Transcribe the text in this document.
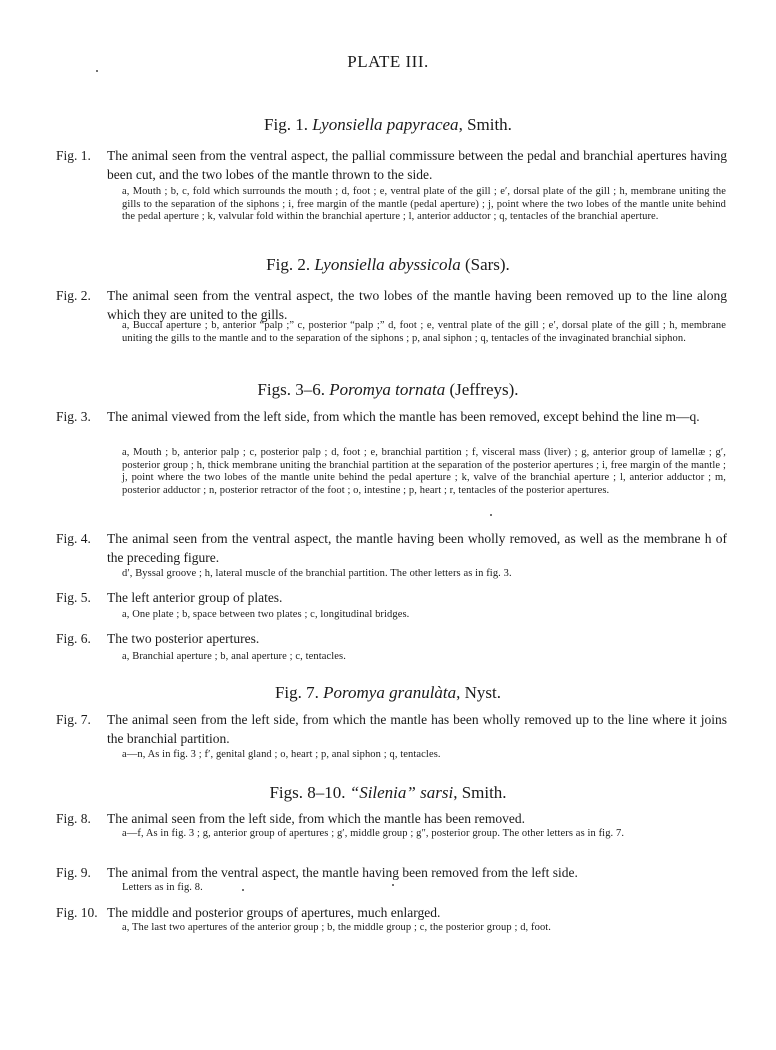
PLATE III.
Fig. 1. Lyonsiella papyracea, Smith.
Fig. 1. The animal seen from the ventral aspect, the pallial commissure between the pedal and branchial apertures having been cut, and the two lobes of the mantle thrown to the side.
a, Mouth ; b, c, fold which surrounds the mouth ; d, foot ; e, ventral plate of the gill ; e′, dorsal plate of the gill ; h, membrane uniting the gills to the separation of the siphons ; i, free margin of the mantle (pedal aperture) ; j, point where the two lobes of the mantle unite behind the pedal aperture ; k, valvular fold within the branchial aperture ; l, anterior adductor ; q, tentacles of the branchial aperture.
Fig. 2. Lyonsiella abyssicola (Sars).
Fig. 2. The animal seen from the ventral aspect, the two lobes of the mantle having been removed up to the line along which they are united to the gills.
a, Buccal aperture ; b, anterior “palp ;” c, posterior “palp ;” d, foot ; e, ventral plate of the gill ; e′, dorsal plate of the gill ; h, membrane uniting the gills to the mantle and to the separation of the siphons ; p, anal siphon ; q, tentacles of the invaginated branchial siphon.
Figs. 3–6. Poromya tornata (Jeffreys).
Fig. 3. The animal viewed from the left side, from which the mantle has been removed, except behind the line m—q.
a, Mouth ; b, anterior palp ; c, posterior palp ; d, foot ; e, branchial partition ; f, visceral mass (liver) ; g, anterior group of lamellæ ; g′, posterior group ; h, thick membrane uniting the branchial partition at the separation of the posterior apertures ; i, free margin of the mantle ; j, point where the two lobes of the mantle unite behind the pedal aperture ; k, valve of the branchial aperture ; l, anterior adductor ; m, posterior adductor ; n, posterior retractor of the foot ; o, intestine ; p, heart ; r, tentacles of the posterior apertures.
Fig. 4. The animal seen from the ventral aspect, the mantle having been wholly removed, as well as the membrane h of the preceding figure.
d′, Byssal groove ; h, lateral muscle of the branchial partition. The other letters as in fig. 3.
Fig. 5. The left anterior group of plates.
a, One plate ; b, space between two plates ; c, longitudinal bridges.
Fig. 6. The two posterior apertures.
a, Branchial aperture ; b, anal aperture ; c, tentacles.
Fig. 7. Poromya granulàta, Nyst.
Fig. 7. The animal seen from the left side, from which the mantle has been wholly removed up to the line where it joins the branchial partition.
a—n, As in fig. 3 ; f′, genital gland ; o, heart ; p, anal siphon ; q, tentacles.
Figs. 8–10. “Silenia” sarsi, Smith.
Fig. 8. The animal seen from the left side, from which the mantle has been removed.
a—f, As in fig. 3 ; g, anterior group of apertures ; g′, middle group ; g″, posterior group. The other letters as in fig. 7.
Fig. 9. The animal from the ventral aspect, the mantle having been removed from the left side.
Letters as in fig. 8.
Fig. 10. The middle and posterior groups of apertures, much enlarged.
a, The last two apertures of the anterior group ; b, the middle group ; c, the posterior group ; d, foot.
